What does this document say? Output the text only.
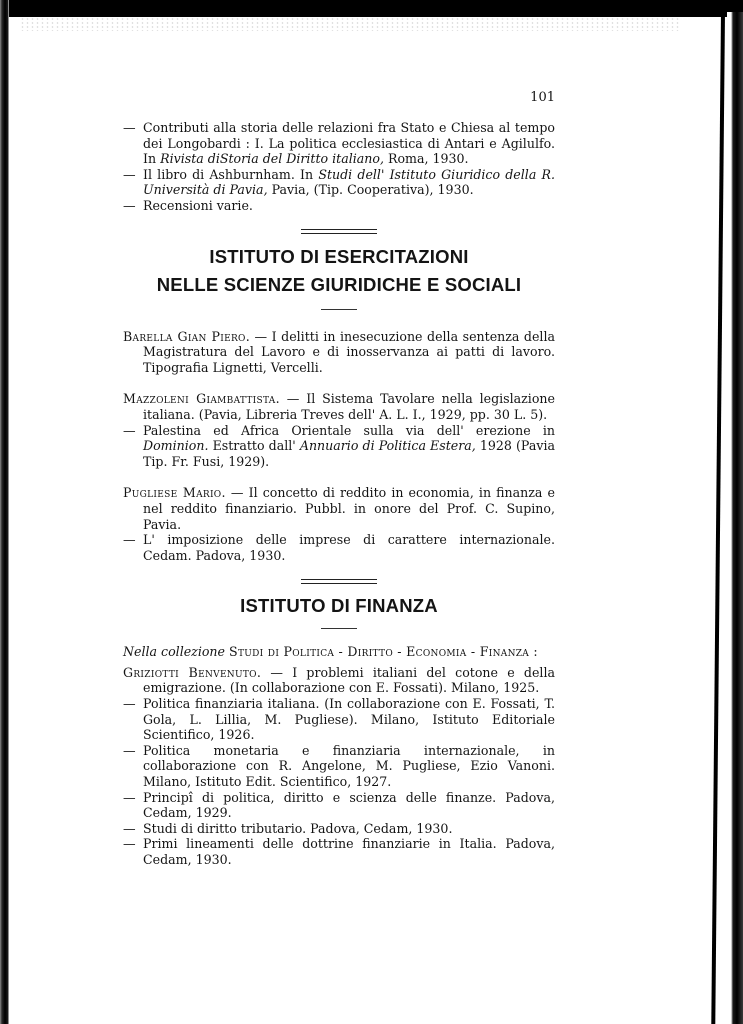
101

— Contributi alla storia delle relazioni fra Stato e Chiesa al tempo dei Longobardi : I. La politica ecclesiastica di Antari e Agilulfo. In Rivista diStoria del Diritto italiano, Roma, 1930.

— Il libro di Ashburnham. In Studi dell' Istituto Giuridico della R. Università di Pavia, Pavia, (Tip. Cooperativa), 1930.

— Recensioni varie.

ISTITUTO DI ESERCITAZIONI
NELLE SCIENZE GIURIDICHE E SOCIALI

Barella Gian Piero. — I delitti in inesecuzione della sentenza della Magistratura del Lavoro e di inosservanza ai patti di lavoro. Tipografia Lignetti, Vercelli.

Mazzoleni Giambattista. — Il Sistema Tavolare nella legislazione italiana. (Pavia, Libreria Treves dell' A. L. I., 1929, pp. 30 L. 5).

— Palestina ed Africa Orientale sulla via dell' erezione in Dominion. Estratto dall' Annuario di Politica Estera, 1928 (Pavia Tip. Fr. Fusi, 1929).

Pugliese Mario. — Il concetto di reddito in economia, in finanza e nel reddito finanziario. Pubbl. in onore del Prof. C. Supino, Pavia.

— L' imposizione delle imprese di carattere internazionale. Cedam. Padova, 1930.

ISTITUTO DI FINANZA

Nella collezione Studi di Politica - Diritto - Economia - Finanza :

Griziotti Benvenuto. — I problemi italiani del cotone e della emigrazione. (In collaborazione con E. Fossati). Milano, 1925.

— Politica finanziaria italiana. (In collaborazione con E. Fossati, T. Gola, L. Lillia, M. Pugliese). Milano, Istituto Editoriale Scientifico, 1926.

— Politica monetaria e finanziaria internazionale, in collaborazione con R. Angelone, M. Pugliese, Ezio Vanoni. Milano, Istituto Edit. Scientifico, 1927.

— Principî di politica, diritto e scienza delle finanze. Padova, Cedam, 1929.

— Studi di diritto tributario. Padova, Cedam, 1930.

— Primi lineamenti delle dottrine finanziarie in Italia. Padova, Cedam, 1930.
